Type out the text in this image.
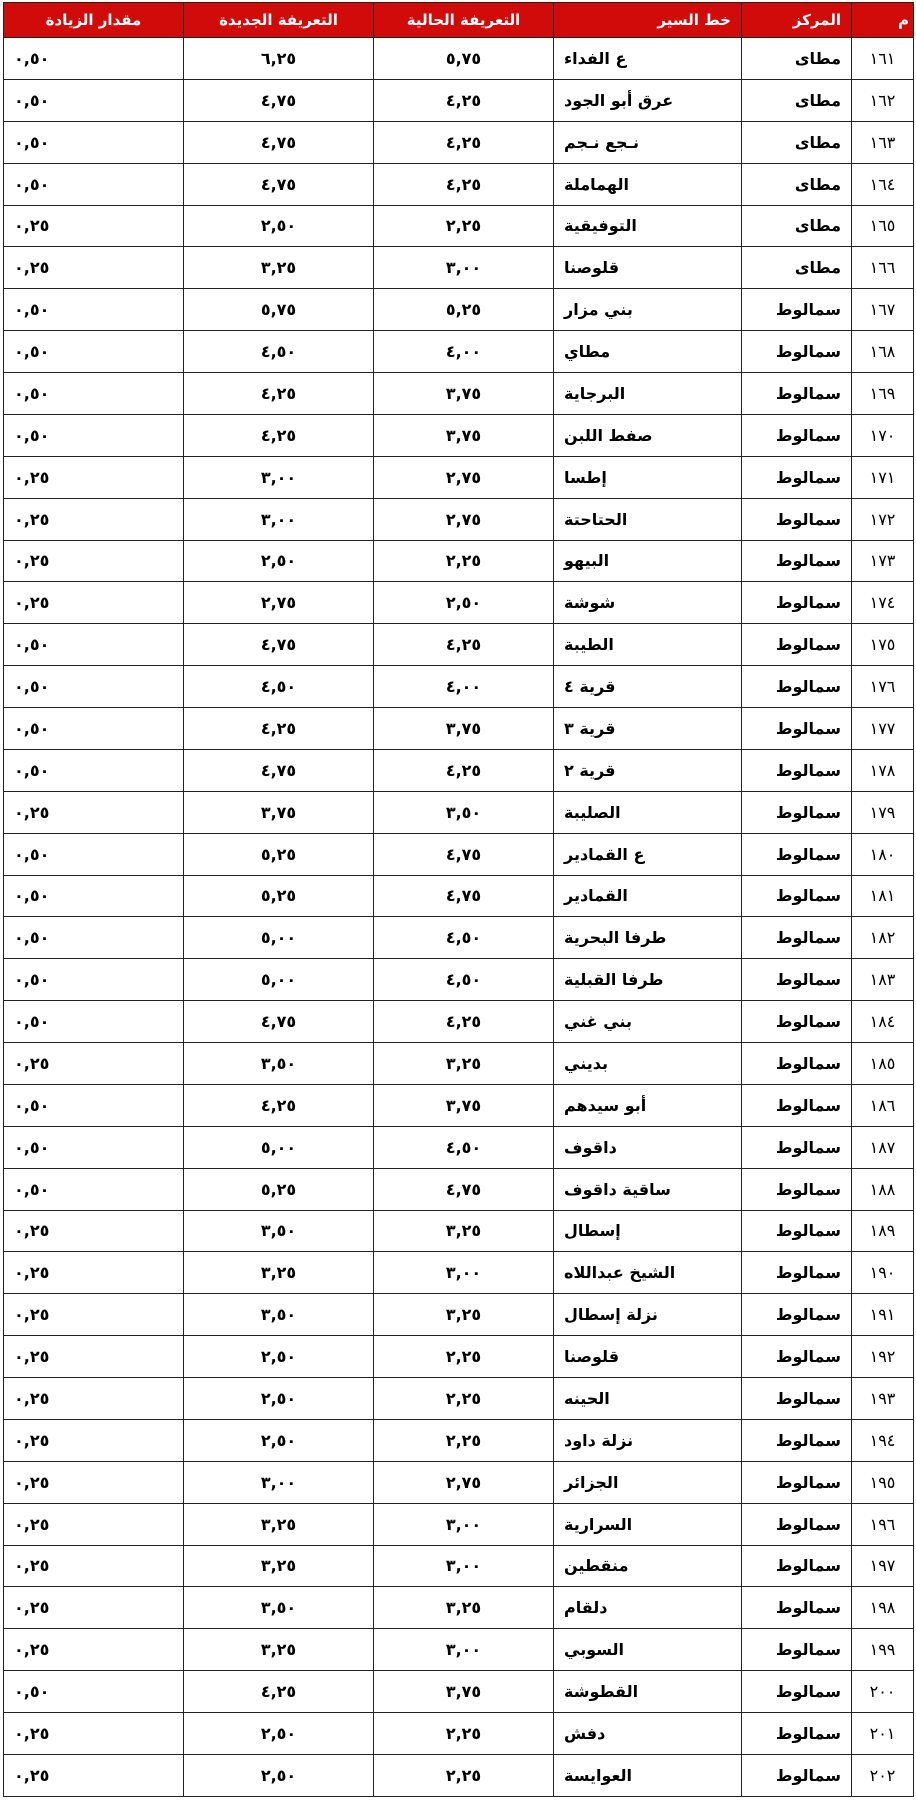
م	المركز	خط السير	التعريفة الحالية	التعريفة الجديدة	مقدار الزيادة
١٦١	مطاى	ع الفداء	٥,٧٥	٦,٢٥	٠,٥٠
١٦٢	مطاى	عرق أبو الجود	٤,٢٥	٤,٧٥	٠,٥٠
١٦٣	مطاى	نـجع نـجم	٤,٢٥	٤,٧٥	٠,٥٠
١٦٤	مطاى	الهماملة	٤,٢٥	٤,٧٥	٠,٥٠
١٦٥	مطاى	التوفيقية	٢,٢٥	٢,٥٠	٠,٢٥
١٦٦	مطاى	قلوصنا	٣,٠٠	٣,٢٥	٠,٢٥
١٦٧	سمالوط	بني مزار	٥,٢٥	٥,٧٥	٠,٥٠
١٦٨	سمالوط	مطاي	٤,٠٠	٤,٥٠	٠,٥٠
١٦٩	سمالوط	البرجاية	٣,٧٥	٤,٢٥	٠,٥٠
١٧٠	سمالوط	صفط اللبن	٣,٧٥	٤,٢٥	٠,٥٠
١٧١	سمالوط	إطسا	٢,٧٥	٣,٠٠	٠,٢٥
١٧٢	سمالوط	الحتاحتة	٢,٧٥	٣,٠٠	٠,٢٥
١٧٣	سمالوط	البيهو	٢,٢٥	٢,٥٠	٠,٢٥
١٧٤	سمالوط	شوشة	٢,٥٠	٢,٧٥	٠,٢٥
١٧٥	سمالوط	الطيبة	٤,٢٥	٤,٧٥	٠,٥٠
١٧٦	سمالوط	قرية ٤	٤,٠٠	٤,٥٠	٠,٥٠
١٧٧	سمالوط	قرية ٣	٣,٧٥	٤,٢٥	٠,٥٠
١٧٨	سمالوط	قرية ٢	٤,٢٥	٤,٧٥	٠,٥٠
١٧٩	سمالوط	الصليبة	٣,٥٠	٣,٧٥	٠,٢٥
١٨٠	سمالوط	ع القمادير	٤,٧٥	٥,٢٥	٠,٥٠
١٨١	سمالوط	القمادير	٤,٧٥	٥,٢٥	٠,٥٠
١٨٢	سمالوط	طرفا البحرية	٤,٥٠	٥,٠٠	٠,٥٠
١٨٣	سمالوط	طرفا القبلية	٤,٥٠	٥,٠٠	٠,٥٠
١٨٤	سمالوط	بني غني	٤,٢٥	٤,٧٥	٠,٥٠
١٨٥	سمالوط	بديني	٣,٢٥	٣,٥٠	٠,٢٥
١٨٦	سمالوط	أبو سيدهم	٣,٧٥	٤,٢٥	٠,٥٠
١٨٧	سمالوط	داقوف	٤,٥٠	٥,٠٠	٠,٥٠
١٨٨	سمالوط	ساقية داقوف	٤,٧٥	٥,٢٥	٠,٥٠
١٨٩	سمالوط	إسطال	٣,٢٥	٣,٥٠	٠,٢٥
١٩٠	سمالوط	الشيخ عبداللاه	٣,٠٠	٣,٢٥	٠,٢٥
١٩١	سمالوط	نزلة إسطال	٣,٢٥	٣,٥٠	٠,٢٥
١٩٢	سمالوط	قلوصنا	٢,٢٥	٢,٥٠	٠,٢٥
١٩٣	سمالوط	الحينه	٢,٢٥	٢,٥٠	٠,٢٥
١٩٤	سمالوط	نزلة داود	٢,٢٥	٢,٥٠	٠,٢٥
١٩٥	سمالوط	الجزائر	٢,٧٥	٣,٠٠	٠,٢٥
١٩٦	سمالوط	السرارية	٣,٠٠	٣,٢٥	٠,٢٥
١٩٧	سمالوط	منقطين	٣,٠٠	٣,٢٥	٠,٢٥
١٩٨	سمالوط	دلقام	٣,٢٥	٣,٥٠	٠,٢٥
١٩٩	سمالوط	السوبي	٣,٠٠	٣,٢٥	٠,٢٥
٢٠٠	سمالوط	القطوشة	٣,٧٥	٤,٢٥	٠,٥٠
٢٠١	سمالوط	دفش	٢,٢٥	٢,٥٠	٠,٢٥
٢٠٢	سمالوط	العوايسة	٢,٢٥	٢,٥٠	٠,٢٥
